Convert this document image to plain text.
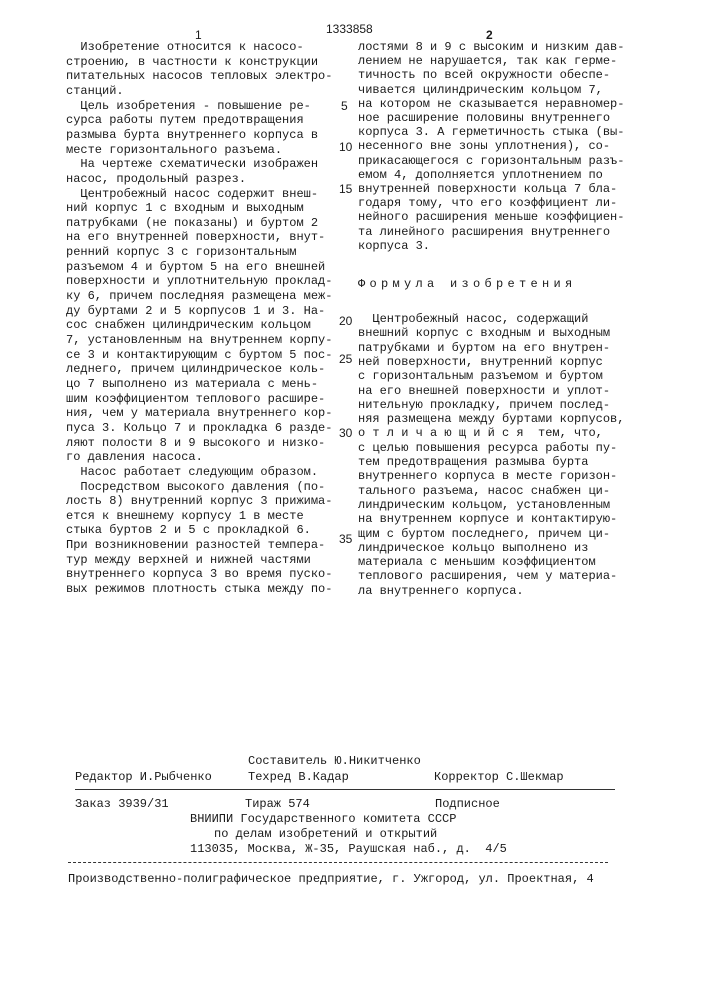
1	1333858	2
Изобретение относится к насосо-
строению, в частности к конструкции
питательных насосов тепловых электро-
станций.
Цель изобретения - повышение ре-
сурса работы путем предотвращения
размыва бурта внутреннего корпуса в
месте горизонтального разъема.
На чертеже схематически изображен
насос, продольный разрез.
Центробежный насос содержит внеш-
ний корпус 1 с входным и выходным
патрубками (не показаны) и буртом 2
на его внутренней поверхности, внут-
ренний корпус 3 с горизонтальным
разъемом 4 и буртом 5 на его внешней
поверхности и уплотнительную проклад-
ку 6, причем последняя размещена меж-
ду буртами 2 и 5 корпусов 1 и 3. На-
сос снабжен цилиндрическим кольцом
7, установленным на внутреннем корпу-
се 3 и контактирующим с буртом 5 пос-
леднего, причем цилиндрическое коль-
цо 7 выполнено из материала с мень-
шим коэффициентом теплового расшире-
ния, чем у материала внутреннего кор-
пуса 3. Кольцо 7 и прокладка 6 разде-
ляют полости 8 и 9 высокого и низко-
го давления насоса.
Насос работает следующим образом.
Посредством высокого давления (по-
лость 8) внутренний корпус 3 прижима-
ется к внешнему корпусу 1 в месте
стыка буртов 2 и 5 с прокладкой 6.
При возникновении разностей темпера-
тур между верхней и нижней частями
внутреннего корпуса 3 во время пуско-
вых режимов плотность стыка между по-
лостями 8 и 9 с высоким и низким дав-
лением не нарушается, так как герме-
тичность по всей окружности обеспе-
чивается цилиндрическим кольцом 7,
на котором не сказывается неравномер-
ное расширение половины внутреннего
корпуса 3. А герметичность стыка (вы-
несенного вне зоны уплотнения), со-
прикасающегося с горизонтальным разъ-
емом 4, дополняется уплотнением по
внутренней поверхности кольца 7 бла-
годаря тому, что его коэффициент ли-
нейного расширения меньше коэффициен-
та линейного расширения внутреннего
корпуса 3.
Формула изобретения
Центробежный насос, содержащий
внешний корпус с входным и выходным
патрубками и буртом на его внутрен-
ней поверхности, внутренний корпус
с горизонтальным разъемом и буртом
на его внешней поверхности и уплот-
нительную прокладку, причем послед-
няя размещена между буртами корпусов,
о т л и ч а ю щ и й с я  тем, что,
с целью повышения ресурса работы пу-
тем предотвращения размыва бурта
внутреннего корпуса в месте горизон-
тального разъема, насос снабжен ци-
линдрическим кольцом, установленным
на внутреннем корпусе и контактирую-
щим с буртом последнего, причем ци-
линдрическое кольцо выполнено из
материала с меньшим коэффициентом
теплового расширения, чем у материа-
ла внутреннего корпуса.
5
10
15
20
25
30
35
Составитель Ю.Никитченко
Редактор И.Рыбченко	Техред В.Кадар	Корректор С.Шекмар
Заказ 3939/31	Тираж 574	Подписное
ВНИИПИ Государственного комитета СССР
по делам изобретений и открытий
113035, Москва, Ж-35, Раушская наб., д.  4/5
Производственно-полиграфическое предприятие, г. Ужгород, ул. Проектная, 4
